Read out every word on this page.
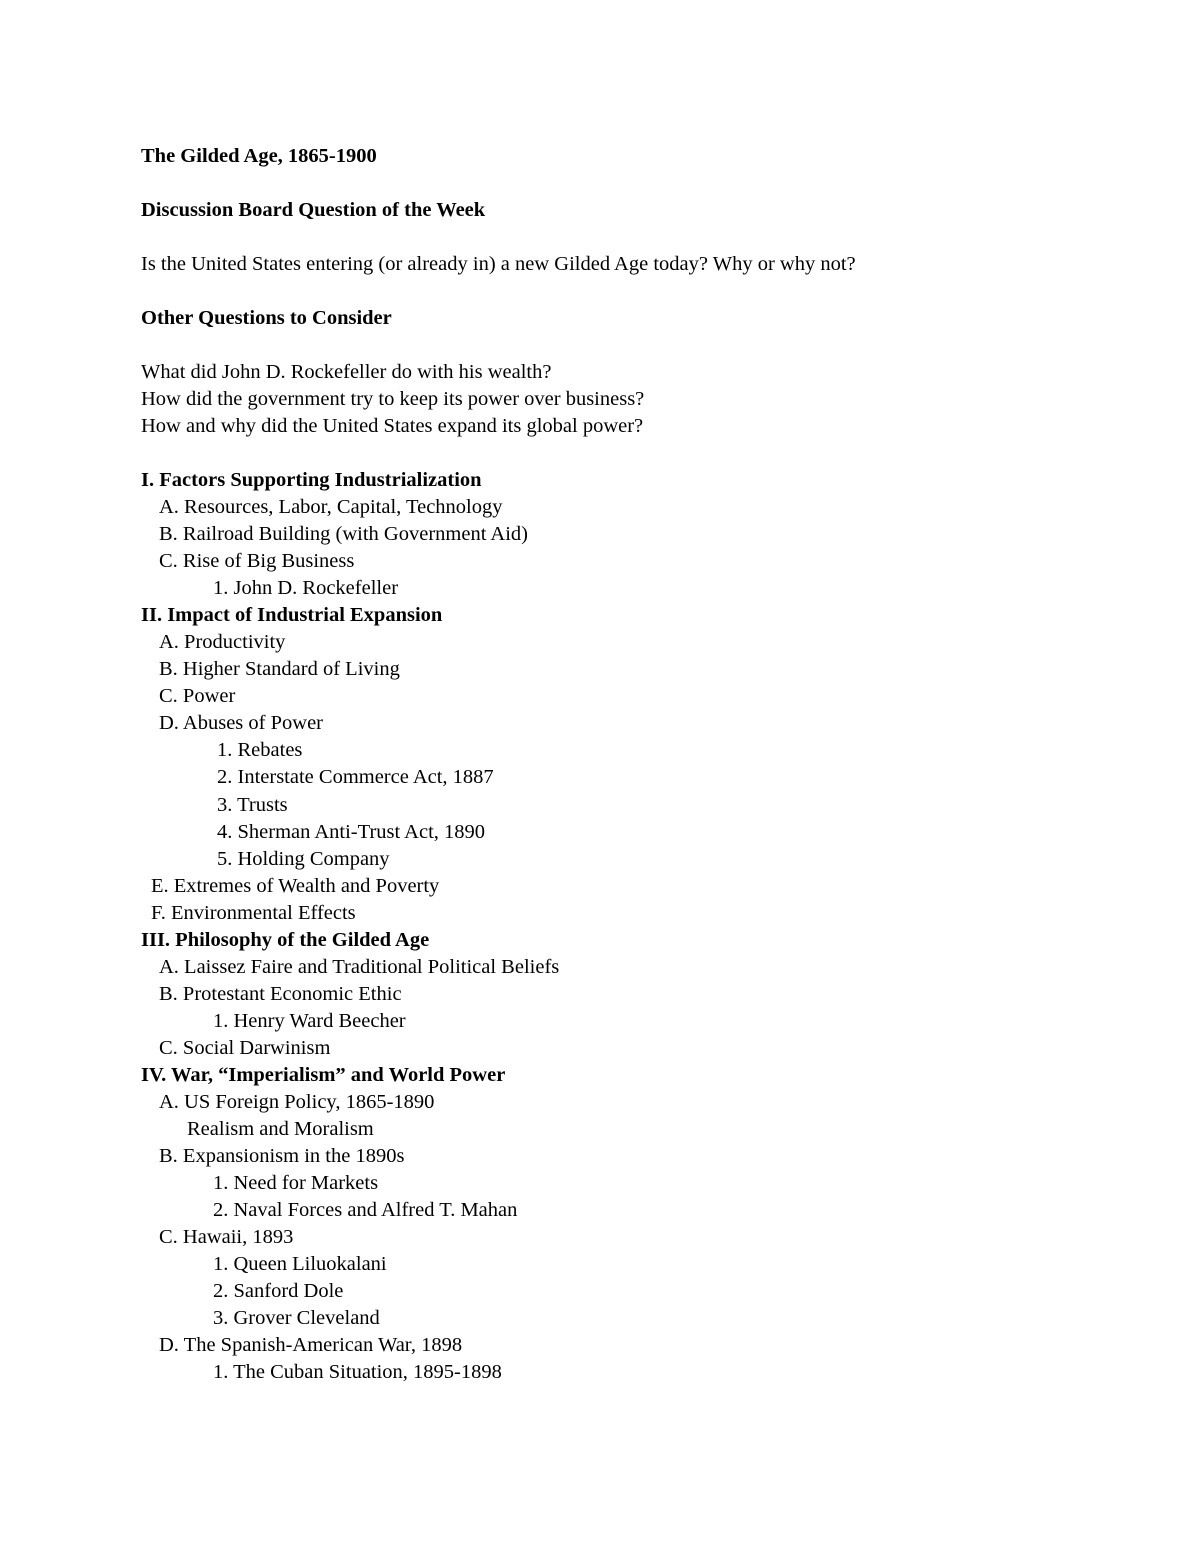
The Gilded Age, 1865-1900
Discussion Board Question of the Week
Is the United States entering (or already in) a new Gilded Age today? Why or why not?
Other Questions to Consider
What did John D. Rockefeller do with his wealth?
How did the government try to keep its power over business?
How and why did the United States expand its global power?
I. Factors Supporting Industrialization
A. Resources, Labor, Capital, Technology
B. Railroad Building (with Government Aid)
C. Rise of Big Business
1. John D. Rockefeller
II. Impact of Industrial Expansion
A. Productivity
B. Higher Standard of Living
C. Power
D. Abuses of Power
1. Rebates
2. Interstate Commerce Act, 1887
3. Trusts
4. Sherman Anti-Trust Act, 1890
5. Holding Company
E. Extremes of Wealth and Poverty
F. Environmental Effects
III. Philosophy of the Gilded Age
A. Laissez Faire and Traditional Political Beliefs
B. Protestant Economic Ethic
1. Henry Ward Beecher
C. Social Darwinism
IV. War, “Imperialism” and World Power
A. US Foreign Policy, 1865-1890
Realism and Moralism
B. Expansionism in the 1890s
1. Need for Markets
2. Naval Forces and Alfred T. Mahan
C. Hawaii, 1893
1. Queen Liluokalani
2. Sanford Dole
3. Grover Cleveland
D. The Spanish-American War, 1898
1. The Cuban Situation, 1895-1898
